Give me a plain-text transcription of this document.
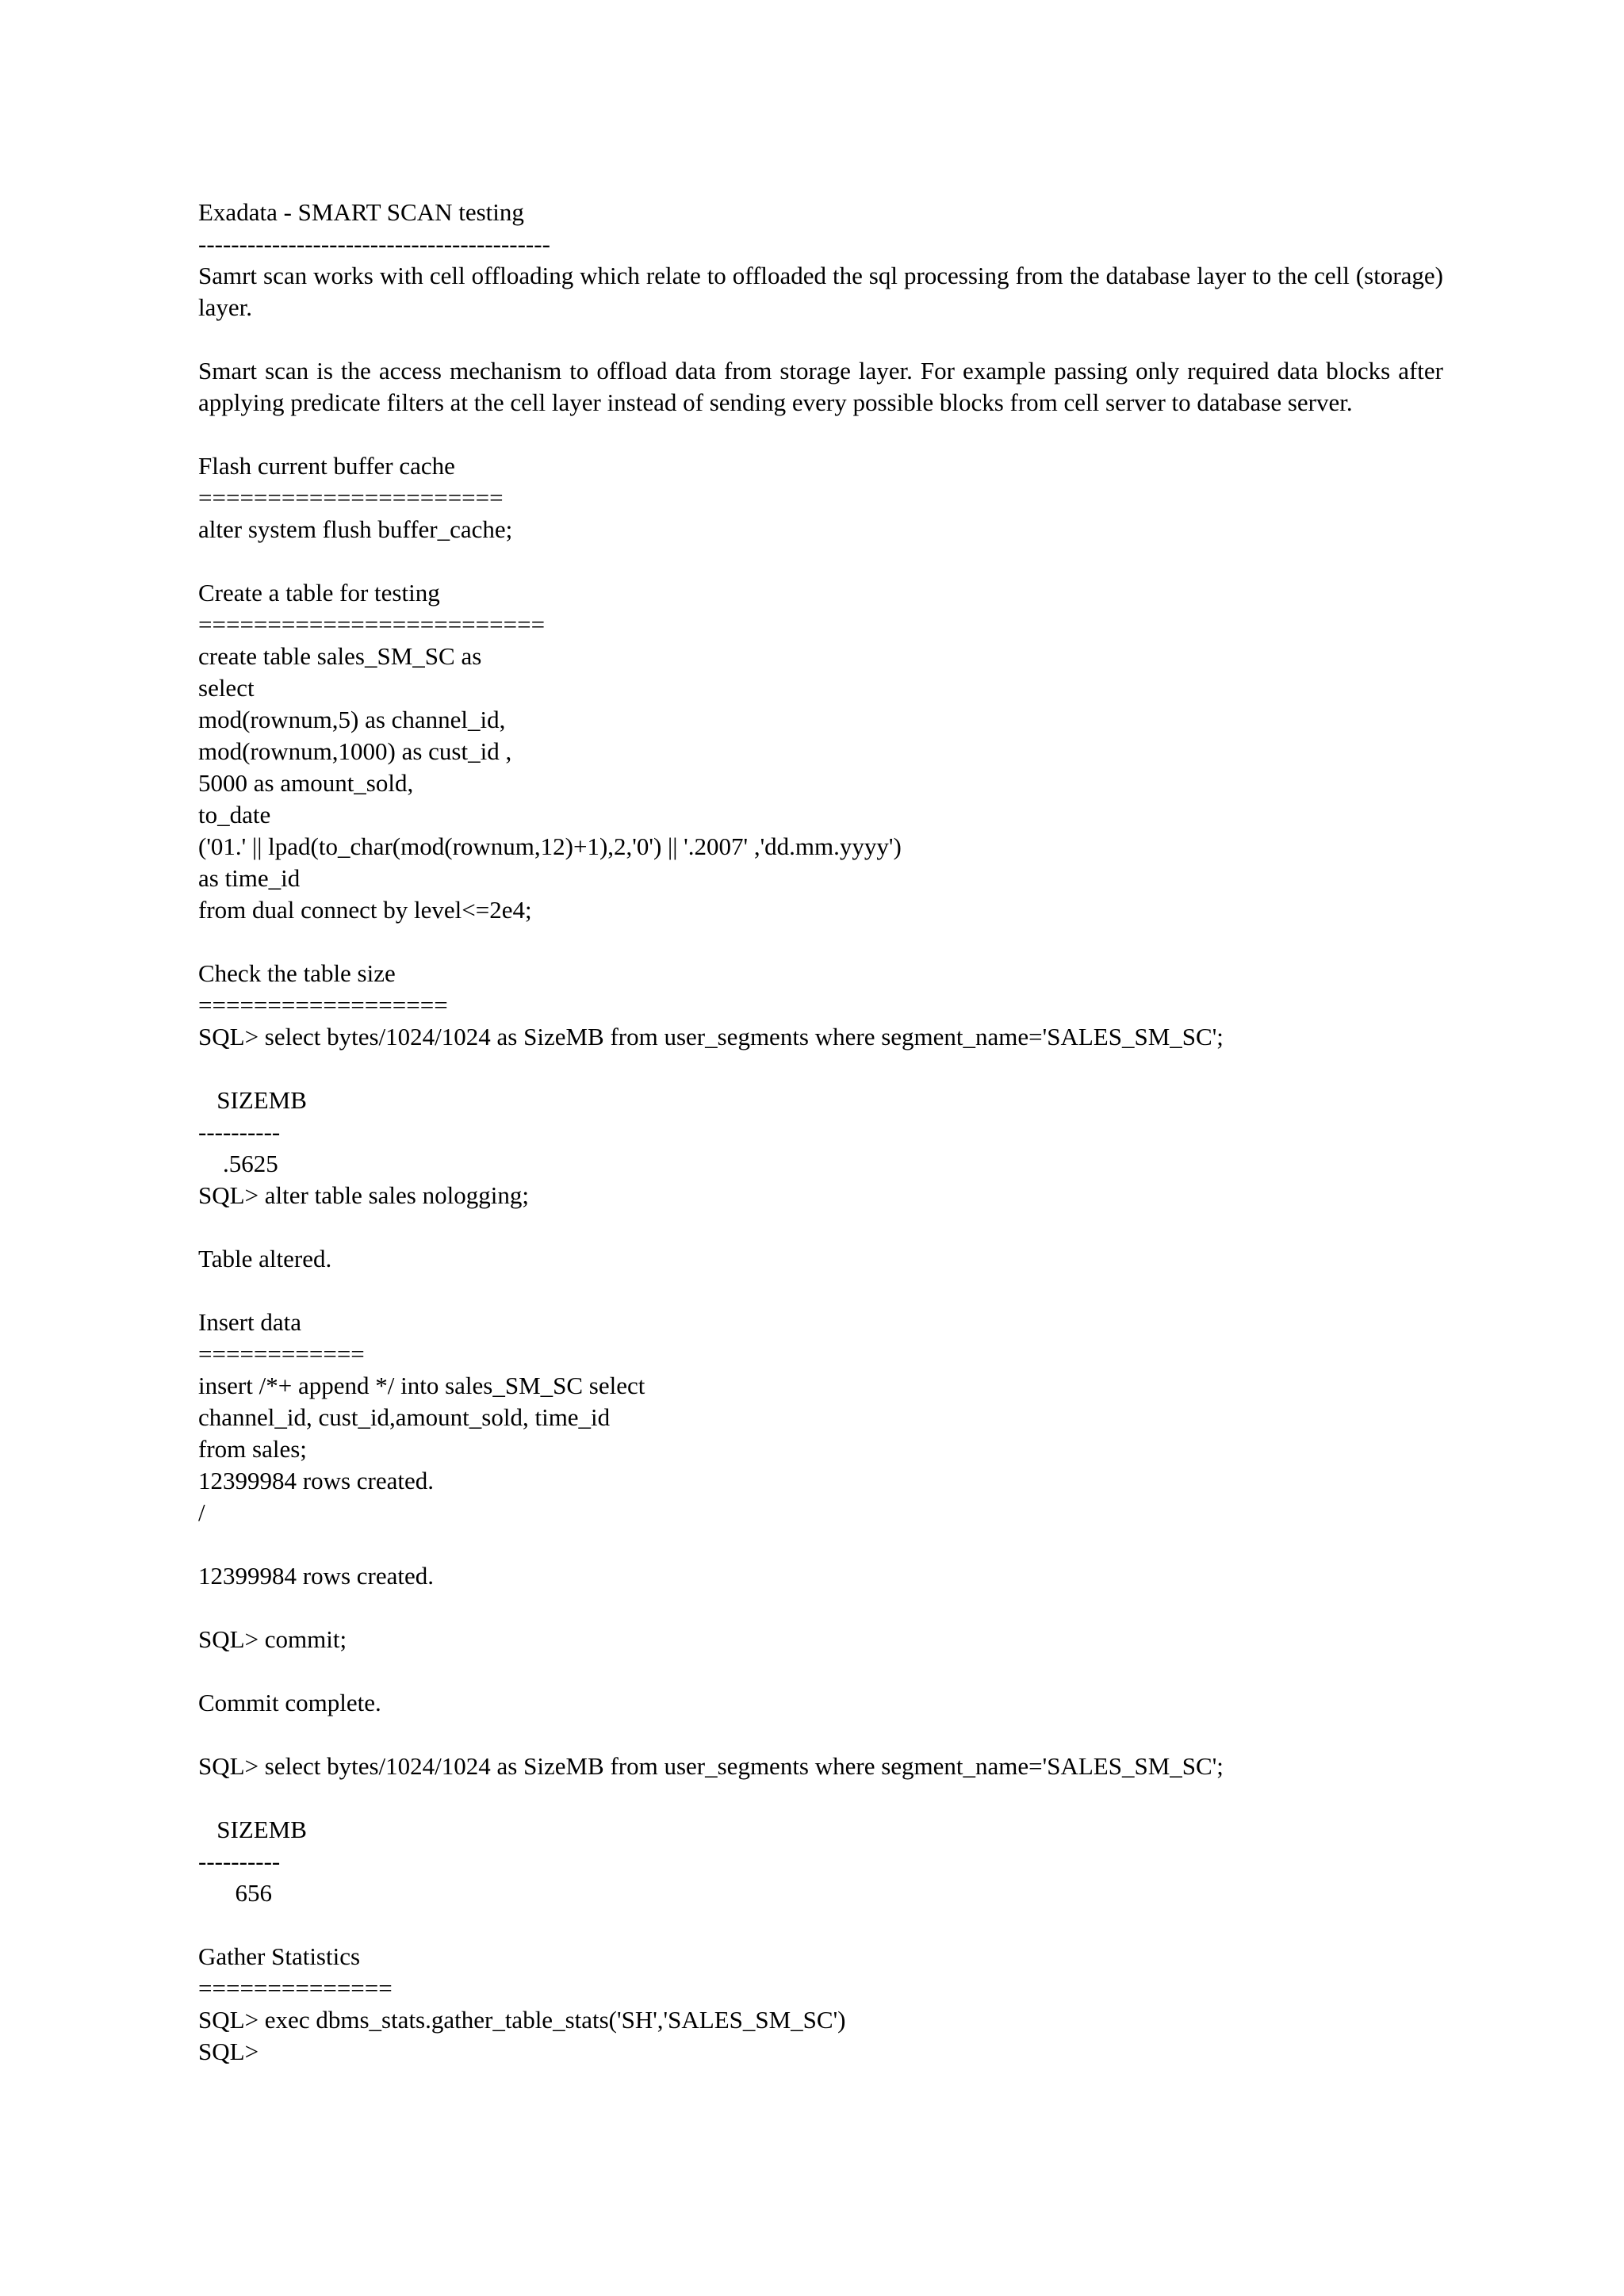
Exadata - SMART SCAN testing
-------------------------------------------
Samrt scan works with cell offloading which relate to offloaded the sql processing from the database layer to the cell (storage) layer.
Smart scan is the access mechanism to offload data from storage layer. For example passing only required data blocks after applying predicate filters at the cell layer instead of sending every possible blocks from cell server to database server.
Flash current buffer cache
======================
alter system flush buffer_cache;
Create a table for testing
=========================
create table sales_SM_SC as
select
mod(rownum,5) as channel_id,
mod(rownum,1000) as cust_id ,
5000 as amount_sold,
to_date
('01.' || lpad(to_char(mod(rownum,12)+1),2,'0') || '.2007' ,'dd.mm.yyyy')
as time_id
from dual connect by level<=2e4;
Check the table size
==================
SQL> select bytes/1024/1024 as SizeMB from user_segments where segment_name='SALES_SM_SC';
SIZEMB
----------
.5625
SQL> alter table sales nologging;
Table altered.
Insert data
============
insert /*+ append */ into sales_SM_SC select
channel_id, cust_id,amount_sold, time_id
from sales;
12399984 rows created.
/
12399984 rows created.
SQL> commit;
Commit complete.
SQL> select bytes/1024/1024 as SizeMB from user_segments where segment_name='SALES_SM_SC';
SIZEMB
----------
656
Gather Statistics
==============
SQL> exec dbms_stats.gather_table_stats('SH','SALES_SM_SC')
SQL>
